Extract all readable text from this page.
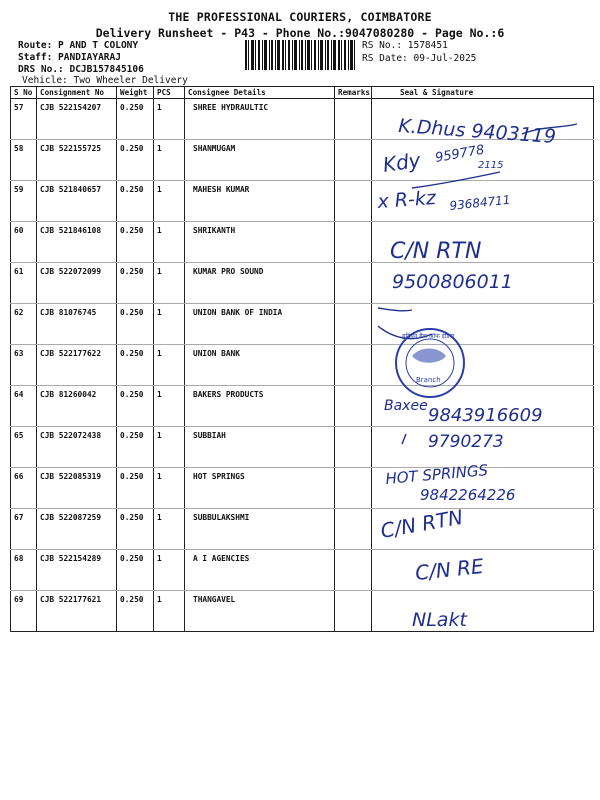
THE PROFESSIONAL COURIERS, COIMBATORE
Delivery Runsheet - P43 - Phone No.:9047080280 - Page No.:6
Route: P AND T COLONY
Staff: PANDIAYARAJ
DRS No.: DCJB157845106
Vehicle: Two Wheeler Delivery
RS No.: 1578451
RS Date: 09-Jul-2025
S No	Consignment No	Weight	PCS	Consignee Details	Remarks	Seal & Signature
57	CJB 522154207	0.250	1	SHREE HYDRAULTIC		
58	CJB 522155725	0.250	1	SHANMUGAM		
59	CJB 521840657	0.250	1	MAHESH KUMAR		
60	CJB 521846108	0.250	1	SHRIKANTH		
61	CJB 522072099	0.250	1	KUMAR PRO SOUND		
62	CJB 81076745	0.250	1	UNION BANK OF INDIA		
63	CJB 522177622	0.250	1	UNION BANK		
64	CJB 81260042	0.250	1	BAKERS PRODUCTS		
65	CJB 522072438	0.250	1	SUBBIAH		
66	CJB 522085319	0.250	1	HOT SPRINGS		
67	CJB 522087259	0.250	1	SUBBULAKSHMI		
68	CJB 522154289	0.250	1	A I AGENCIES		
69	CJB 522177621	0.250	1	THANGAVEL		
K.Dhus 9403119
Kdy 959778
2115
x R-kz 93684711
C/N RTN
9500806011
Baxee 9843916609
9790273
HOT SPRINGS
9842264226
C/N RTN
C/N RE
NLakt
यूनियन बैंक ऑफ इंडिया
Branch
